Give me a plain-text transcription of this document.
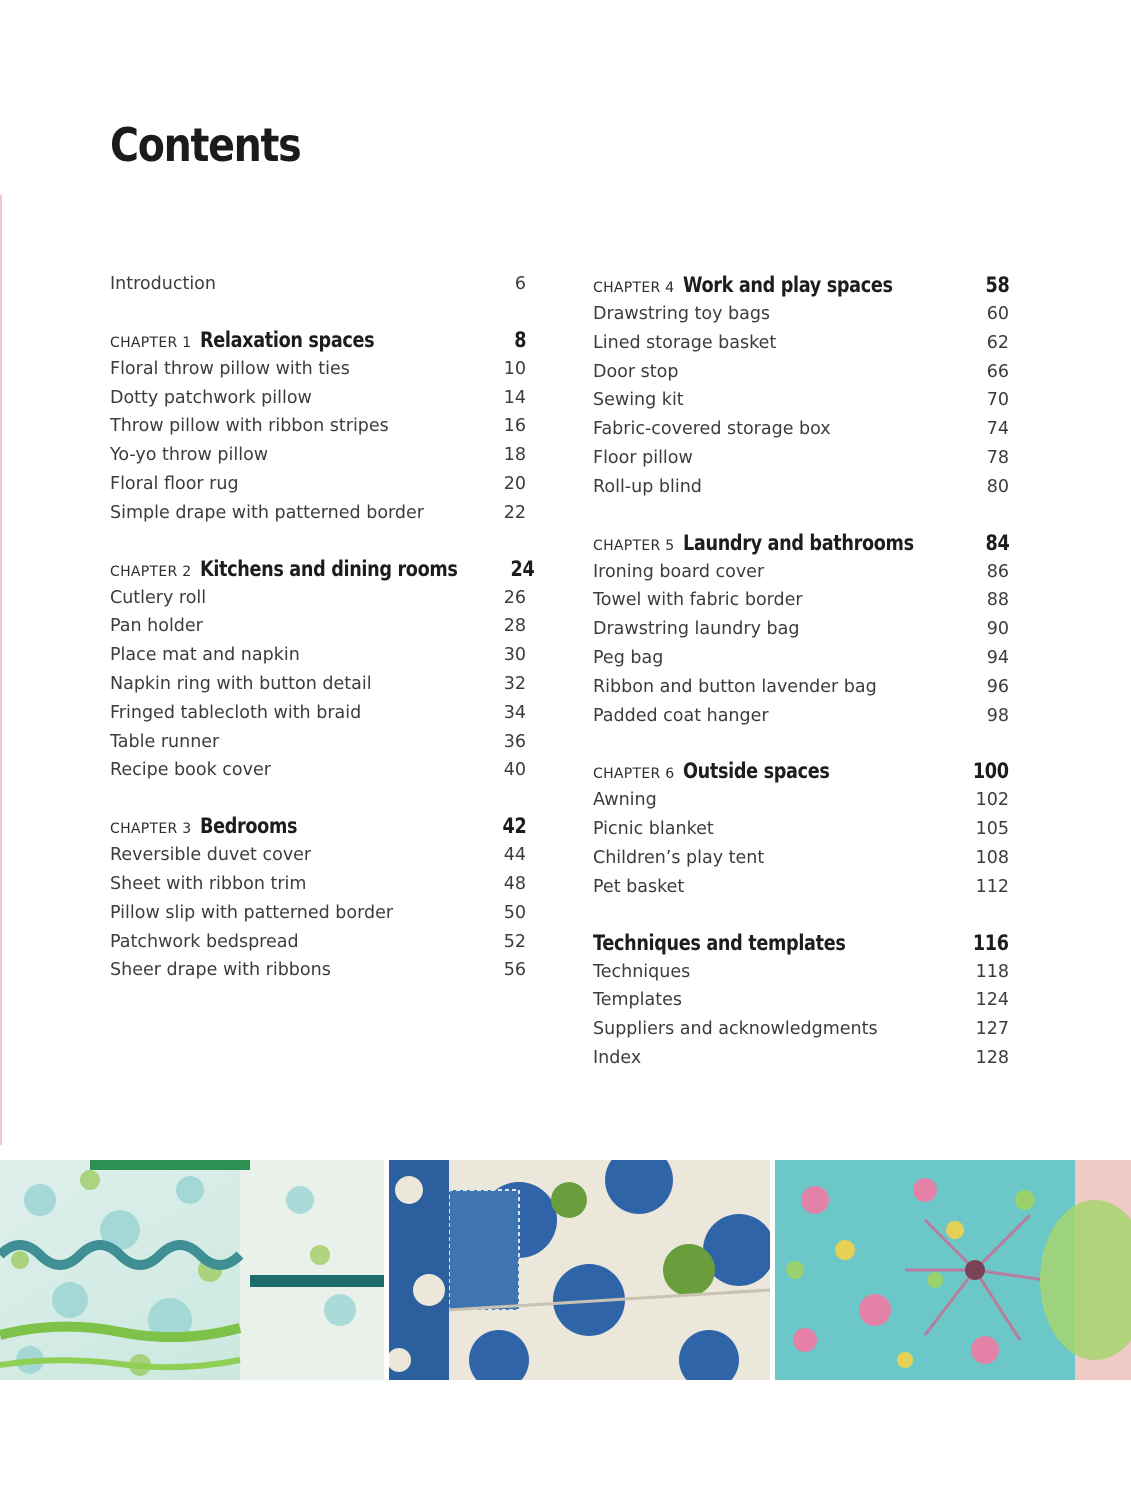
Contents
Introduction	6
CHAPTER 1 Relaxation spaces	8
Floral throw pillow with ties	10
Dotty patchwork pillow	14
Throw pillow with ribbon stripes	16
Yo-yo throw pillow	18
Floral floor rug	20
Simple drape with patterned border	22
CHAPTER 2 Kitchens and dining rooms	24
Cutlery roll	26
Pan holder	28
Place mat and napkin	30
Napkin ring with button detail	32
Fringed tablecloth with braid	34
Table runner	36
Recipe book cover	40
CHAPTER 3 Bedrooms	42
Reversible duvet cover	44
Sheet with ribbon trim	48
Pillow slip with patterned border	50
Patchwork bedspread	52
Sheer drape with ribbons	56
CHAPTER 4 Work and play spaces	58
Drawstring toy bags	60
Lined storage basket	62
Door stop	66
Sewing kit	70
Fabric-covered storage box	74
Floor pillow	78
Roll-up blind	80
CHAPTER 5 Laundry and bathrooms	84
Ironing board cover	86
Towel with fabric border	88
Drawstring laundry bag	90
Peg bag	94
Ribbon and button lavender bag	96
Padded coat hanger	98
CHAPTER 6 Outside spaces	100
Awning	102
Picnic blanket	105
Children’s play tent	108
Pet basket	112
Techniques and templates	116
Techniques	118
Templates	124
Suppliers and acknowledgments	127
Index	128
